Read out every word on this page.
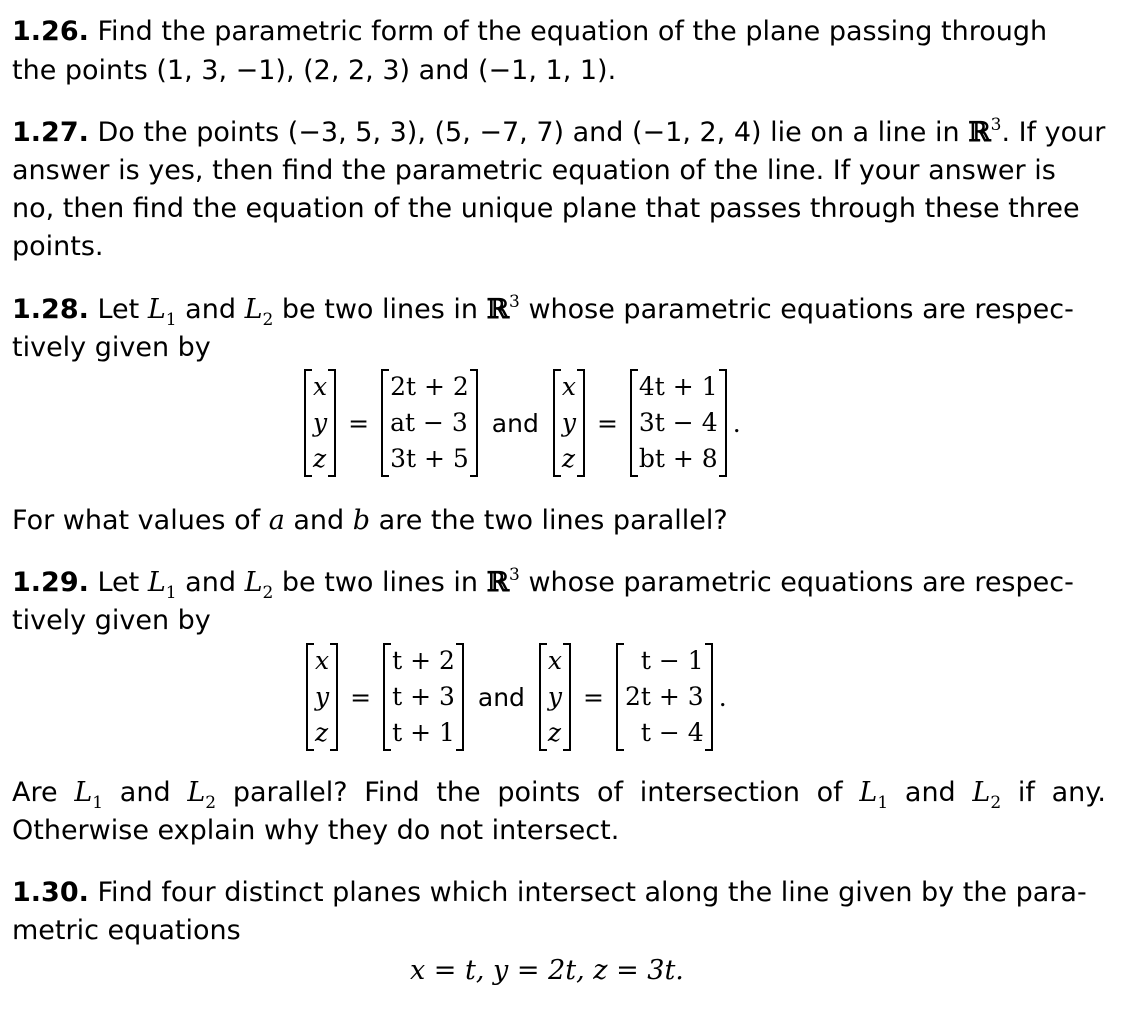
1.26. Find the parametric form of the equation of the plane passing through
the points (1, 3, −1), (2, 2, 3) and (−1, 1, 1).
1.27. Do the points (−3, 5, 3), (5, −7, 7) and (−1, 2, 4) lie on a line in ℝ$^3$. If your
answer is yes, then find the parametric equation of the line. If your answer is
no, then find the equation of the unique plane that passes through these three
points.
1.28. Let $L_1$ and $L_2$ be two lines in ℝ$^3$ whose parametric equations are respec-
tively given by
x
y
z
=
2t + 2
at − 3
3t + 5
and
x
y
z
=
4t + 1
3t − 4
bt + 8
.
For what values of a and b are the two lines parallel?
1.29. Let $L_1$ and $L_2$ be two lines in ℝ$^3$ whose parametric equations are respec-
tively given by
x
y
z
=
t + 2
t + 3
t + 1
and
x
y
z
=
t − 1
2t + 3
t − 4
.
Are $L_1$ and $L_2$ parallel? Find the points of intersection of $L_1$ and $L_2$ if any.
Otherwise explain why they do not intersect.
1.30. Find four distinct planes which intersect along the line given by the para-
metric equations
x = t, y = 2t, z = 3t.
